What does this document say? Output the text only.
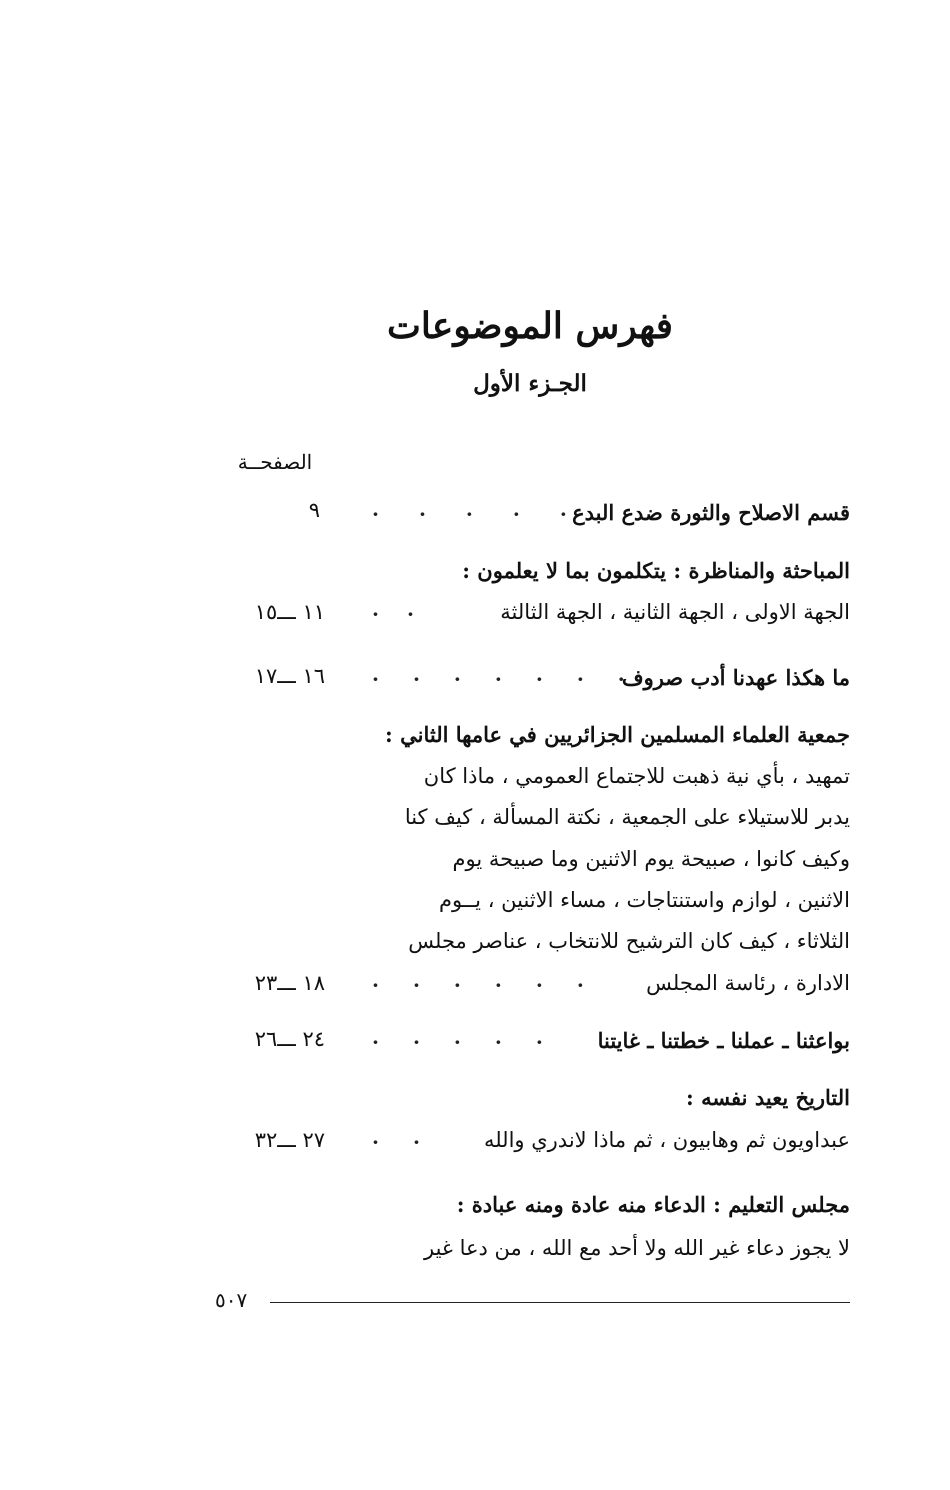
فهرس الموضوعات
الجـزء الأول
الصفحــة
قسم الاصلاح والثورة ضدع البدع
·····
٩
المباحثة والمناظرة : يتكلمون بما لا يعلمون :
الجهة الاولى ، الجهة الثانية ، الجهة الثالثة
··
١١ ـــ١٥
ما هكذا عهدنا أدب صروف
·······
١٦ ـــ١٧
جمعية العلماء المسلمين الجزائريين في عامها الثاني :
تمهيد ، بأي نية ذهبت للاجتماع العمومي ، ماذا كان
يدبر للاستيلاء على الجمعية ، نكتة المسألة ، كيف كنا
وكيف كانوا ، صبيحة يوم الاثنين وما صبيحة يوم
الاثنين ، لوازم واستنتاجات ، مساء الاثنين ، يــوم
الثلاثاء ، كيف كان الترشيح للانتخاب ، عناصر مجلس
الادارة ، رئاسة المجلس
······
١٨ ـــ٢٣
بواعثنا ـ عملنا ـ خطتنا ـ غايتنا
·····
٢٤ ـــ٢٦
التاريخ يعيد نفسه :
عبداويون ثم وهابيون ، ثم ماذا لاندري والله
··
٢٧ ـــ٣٢
مجلس التعليم : الدعاء منه عادة ومنه عبادة :
لا يجوز دعاء غير الله ولا أحد مع الله ، من دعا غير
٥٠٧
